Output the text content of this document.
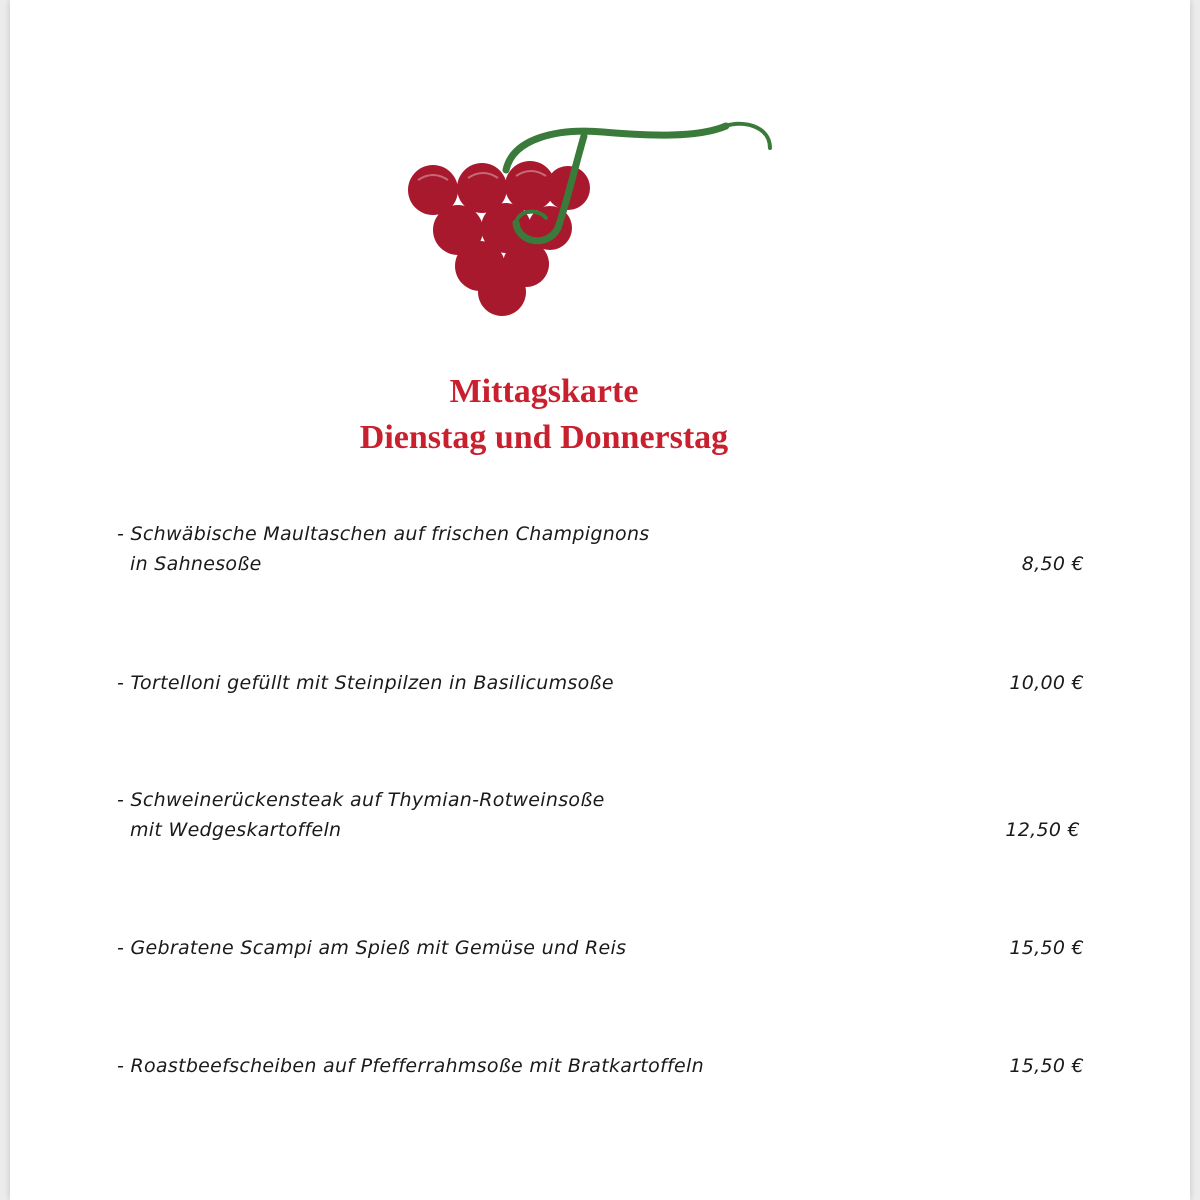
Mittagskarte
Dienstag und Donnerstag
- Schwäbische Maultaschen auf frischen Champignons
in Sahnesoße	8,50 €
- Tortelloni gefüllt mit Steinpilzen in Basilicumsoße	10,00 €
- Schweinerückensteak auf Thymian-Rotweinsoße
mit Wedgeskartoffeln	12,50 €
- Gebratene Scampi am Spieß mit Gemüse und Reis	15,50 €
- Roastbeefscheiben auf Pfefferrahmsoße mit Bratkartoffeln	15,50 €
